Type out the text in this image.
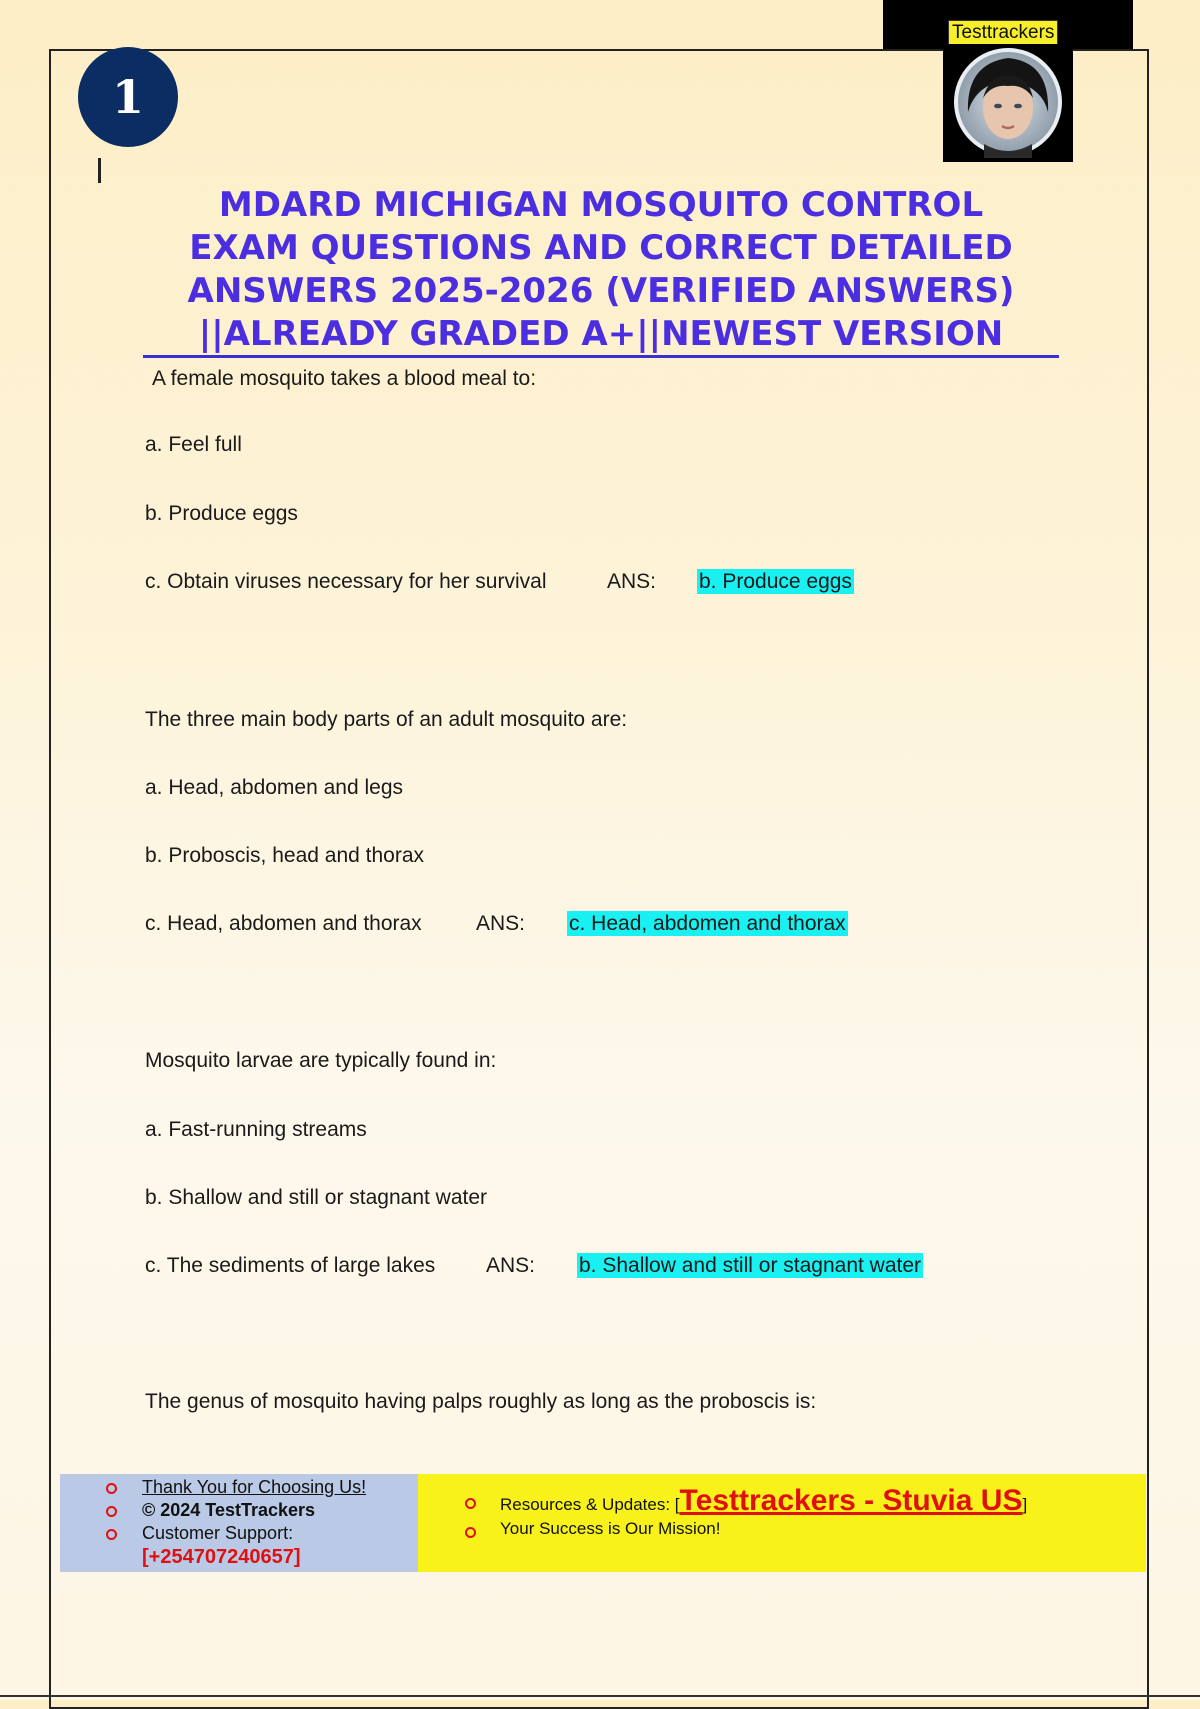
Testtrackers
1
MDARD MICHIGAN MOSQUITO CONTROL
EXAM QUESTIONS AND CORRECT DETAILED
ANSWERS 2025-2026 (VERIFIED ANSWERS)
||ALREADY GRADED A+||NEWEST VERSION
A female mosquito takes a blood meal to:
a. Feel full
b. Produce eggs
c. Obtain viruses necessary for her survival	ANS: b. Produce eggs
The three main body parts of an adult mosquito are:
a. Head, abdomen and legs
b. Proboscis, head and thorax
c. Head, abdomen and thorax	ANS: c. Head, abdomen and thorax
Mosquito larvae are typically found in:
a. Fast-running streams
b. Shallow and still or stagnant water
c. The sediments of large lakes ANS: b. Shallow and still or stagnant water
The genus of mosquito having palps roughly as long as the proboscis is:
Thank You for Choosing Us!
© 2024 TestTrackers
Customer Support:
[+254707240657]
Resources & Updates: [Testtrackers - Stuvia US]
Your Success is Our Mission!
